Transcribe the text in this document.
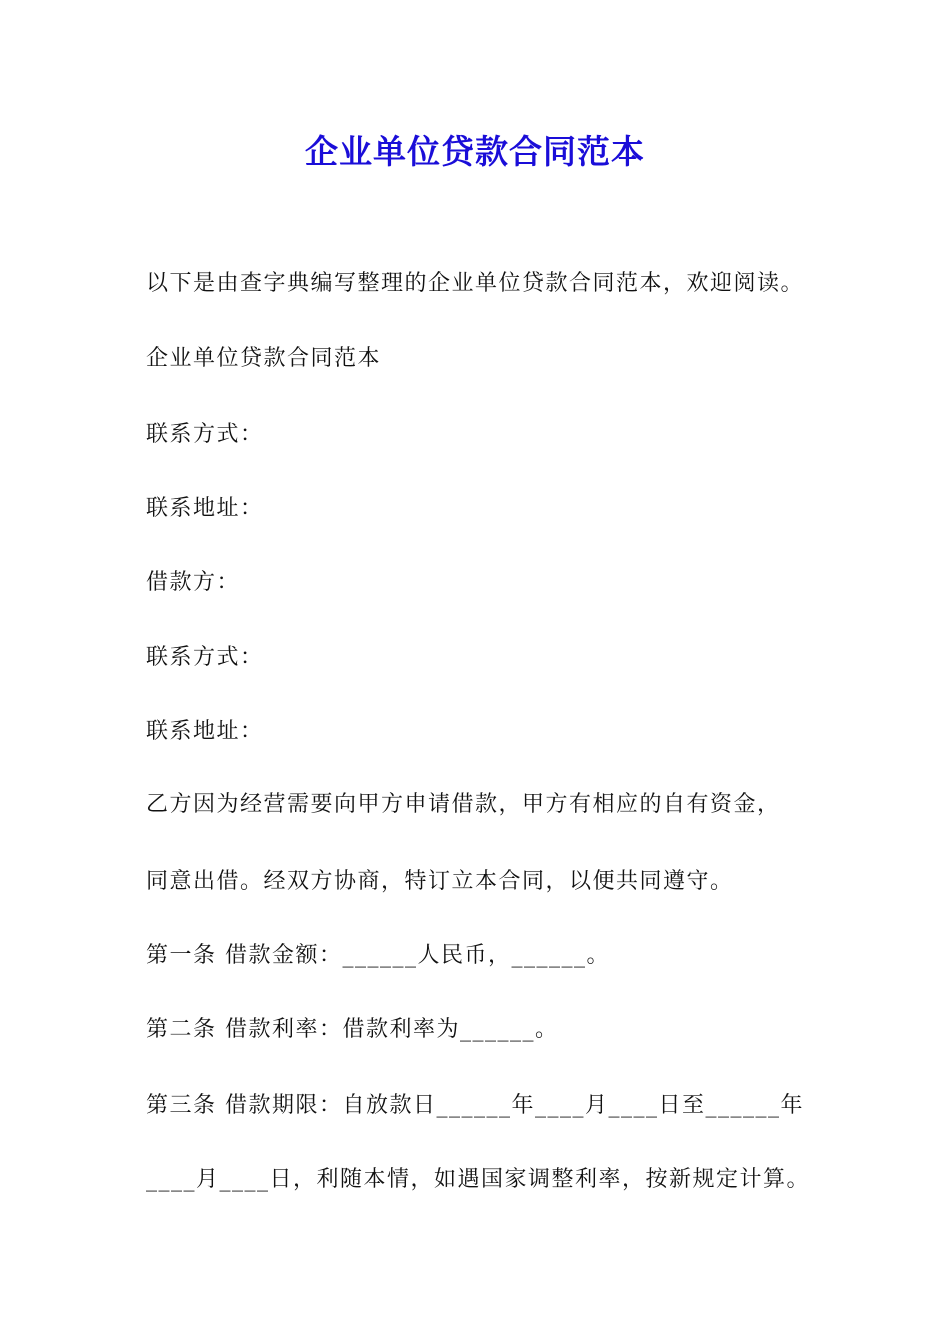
企业单位贷款合同范本
以下是由查字典编写整理的企业单位贷款合同范本，欢迎阅读。
企业单位贷款合同范本
联系方式：
联系地址：
借款方：
联系方式：
联系地址：
乙方因为经营需要向甲方申请借款，甲方有相应的自有资金，
同意出借。经双方协商，特订立本合同，以便共同遵守。
第一条 借款金额：______人民币，______。
第二条 借款利率：借款利率为______。
第三条 借款期限：自放款日______年____月____日至______年
____月____日，利随本情，如遇国家调整利率，按新规定计算。
